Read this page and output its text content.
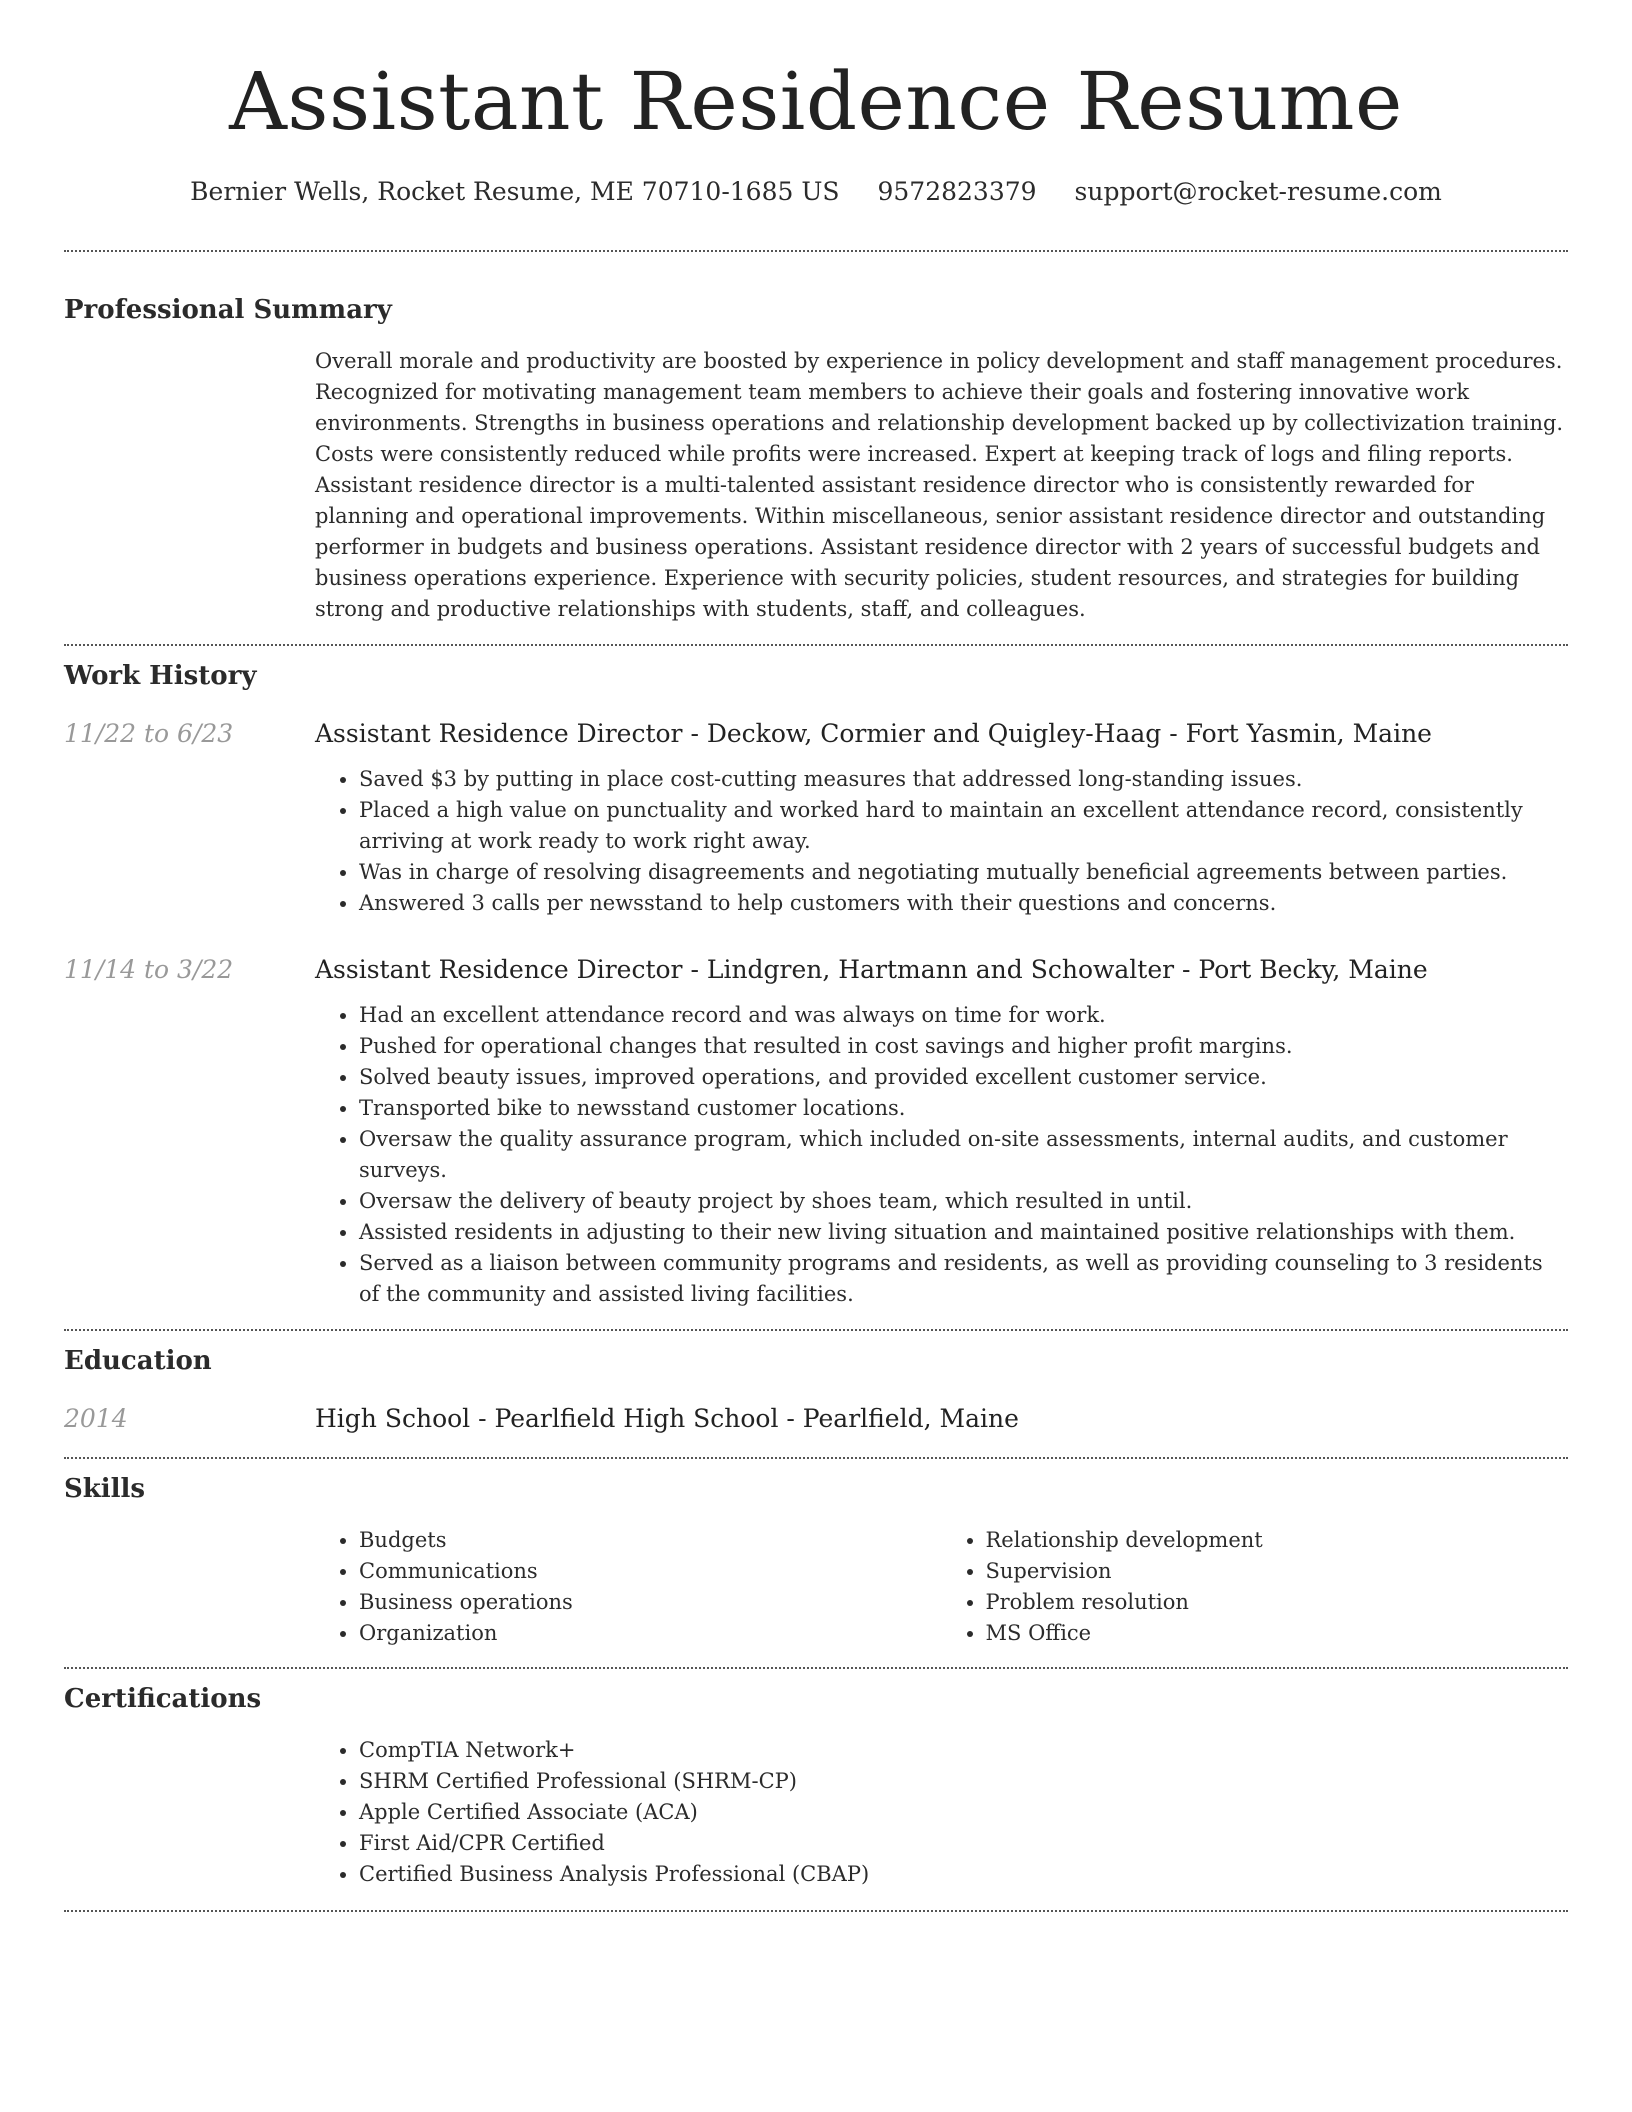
Assistant Residence Resume
Bernier Wells, Rocket Resume, ME 70710-1685 US 9572823379 support@rocket-resume.com
Professional Summary
Overall morale and productivity are boosted by experience in policy development and staff management procedures. Recognized for motivating management team members to achieve their goals and fostering innovative work environments. Strengths in business operations and relationship development backed up by collectivization training. Costs were consistently reduced while profits were increased. Expert at keeping track of logs and filing reports. Assistant residence director is a multi-talented assistant residence director who is consistently rewarded for planning and operational improvements. Within miscellaneous, senior assistant residence director and outstanding performer in budgets and business operations. Assistant residence director with 2 years of successful budgets and business operations experience. Experience with security policies, student resources, and strategies for building strong and productive relationships with students, staff, and colleagues.
Work History
11/22 to 6/23	Assistant Residence Director - Deckow, Cormier and Quigley-Haag - Fort Yasmin, Maine
• Saved $3 by putting in place cost-cutting measures that addressed long-standing issues.
• Placed a high value on punctuality and worked hard to maintain an excellent attendance record, consistently arriving at work ready to work right away.
• Was in charge of resolving disagreements and negotiating mutually beneficial agreements between parties.
• Answered 3 calls per newsstand to help customers with their questions and concerns.
11/14 to 3/22	Assistant Residence Director - Lindgren, Hartmann and Schowalter - Port Becky, Maine
• Had an excellent attendance record and was always on time for work.
• Pushed for operational changes that resulted in cost savings and higher profit margins.
• Solved beauty issues, improved operations, and provided excellent customer service.
• Transported bike to newsstand customer locations.
• Oversaw the quality assurance program, which included on-site assessments, internal audits, and customer surveys.
• Oversaw the delivery of beauty project by shoes team, which resulted in until.
• Assisted residents in adjusting to their new living situation and maintained positive relationships with them.
• Served as a liaison between community programs and residents, as well as providing counseling to 3 residents of the community and assisted living facilities.
Education
2014	High School - Pearlfield High School - Pearlfield, Maine
Skills
• Budgets
• Communications
• Business operations
• Organization
• Relationship development
• Supervision
• Problem resolution
• MS Office
Certifications
• CompTIA Network+
• SHRM Certified Professional (SHRM-CP)
• Apple Certified Associate (ACA)
• First Aid/CPR Certified
• Certified Business Analysis Professional (CBAP)
